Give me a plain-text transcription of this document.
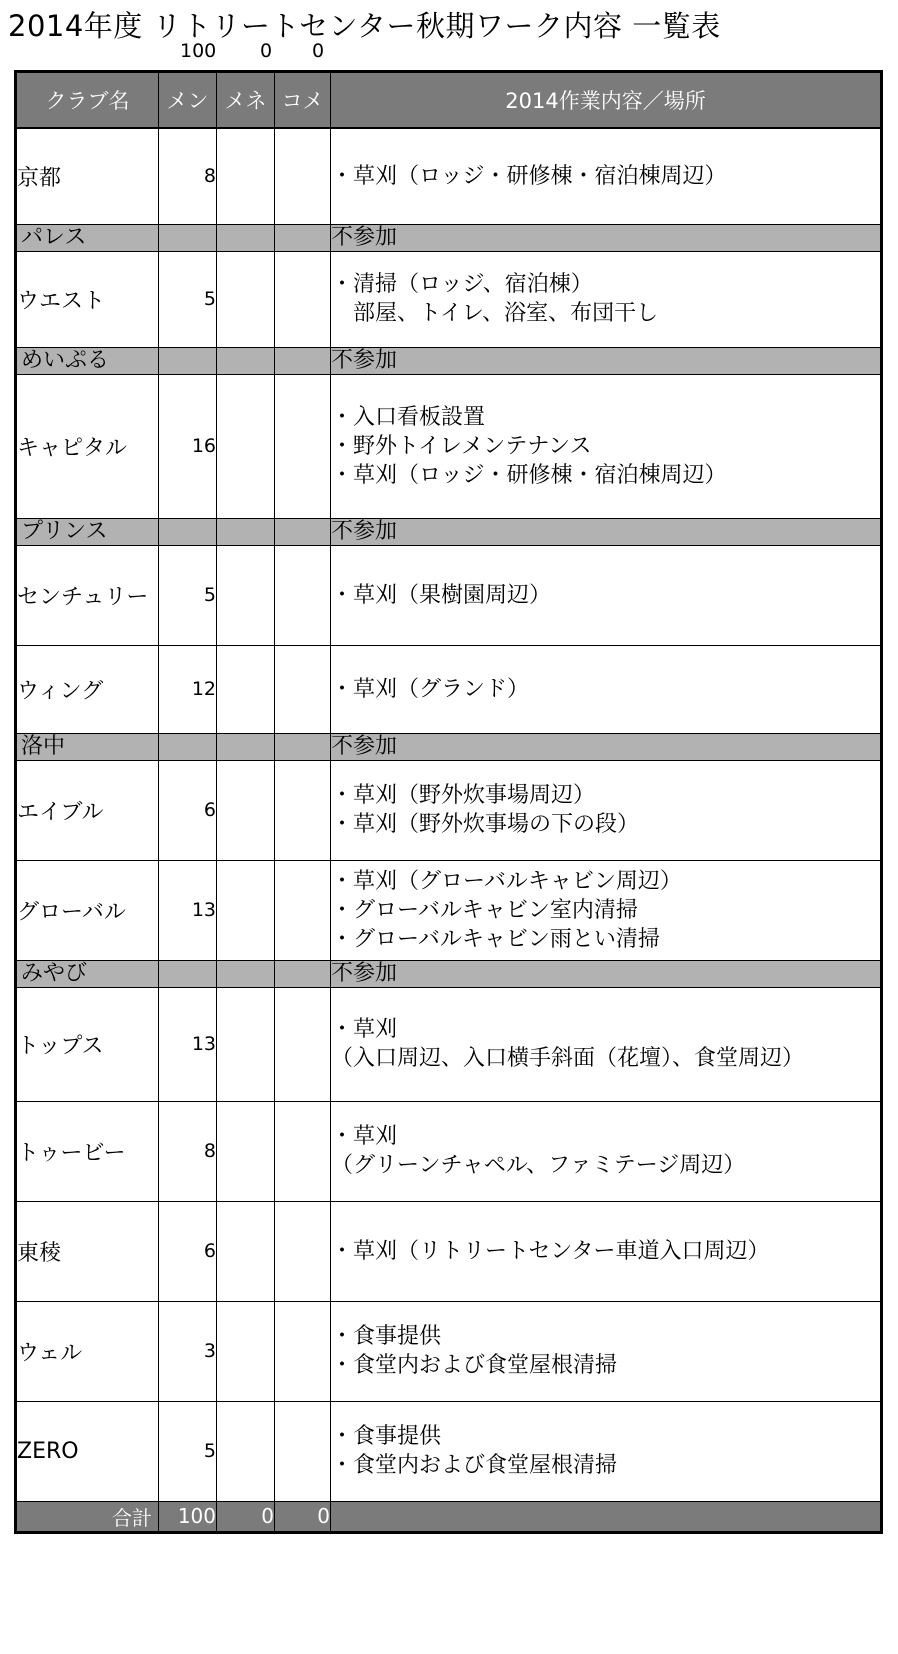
2014年度 リトリートセンター秋期ワーク内容 一覧表
100 0 0
クラブ名	メン	メネ	コメ	2014作業内容／場所
京都	8			・草刈（ロッジ・研修棟・宿泊棟周辺）

パレス				不参加

ウエスト	5			・清掃（ロッジ、宿泊棟）
　部屋、トイレ、浴室、布団干し

めいぷる				不参加

キャピタル	16			・入口看板設置
・野外トイレメンテナンス
・草刈（ロッジ・研修棟・宿泊棟周辺）

プリンス				不参加

センチュリー	5			・草刈（果樹園周辺）

ウィング	12			・草刈（グランド）

洛中				不参加

エイブル	6			・草刈（野外炊事場周辺）
・草刈（野外炊事場の下の段）

グローバル	13			・草刈（グローバルキャビン周辺）
・グローバルキャビン室内清掃
・グローバルキャビン雨とい清掃

みやび				不参加

トップス	13			・草刈
（入口周辺、入口横手斜面（花壇）、食堂周辺）

トゥービー	8			・草刈
（グリーンチャペル、ファミテージ周辺）

東稜	6			・草刈（リトリートセンター車道入口周辺）

ウェル	3			・食事提供
・食堂内および食堂屋根清掃

ZERO	5			・食事提供
・食堂内および食堂屋根清掃

合計	100	0	0	
